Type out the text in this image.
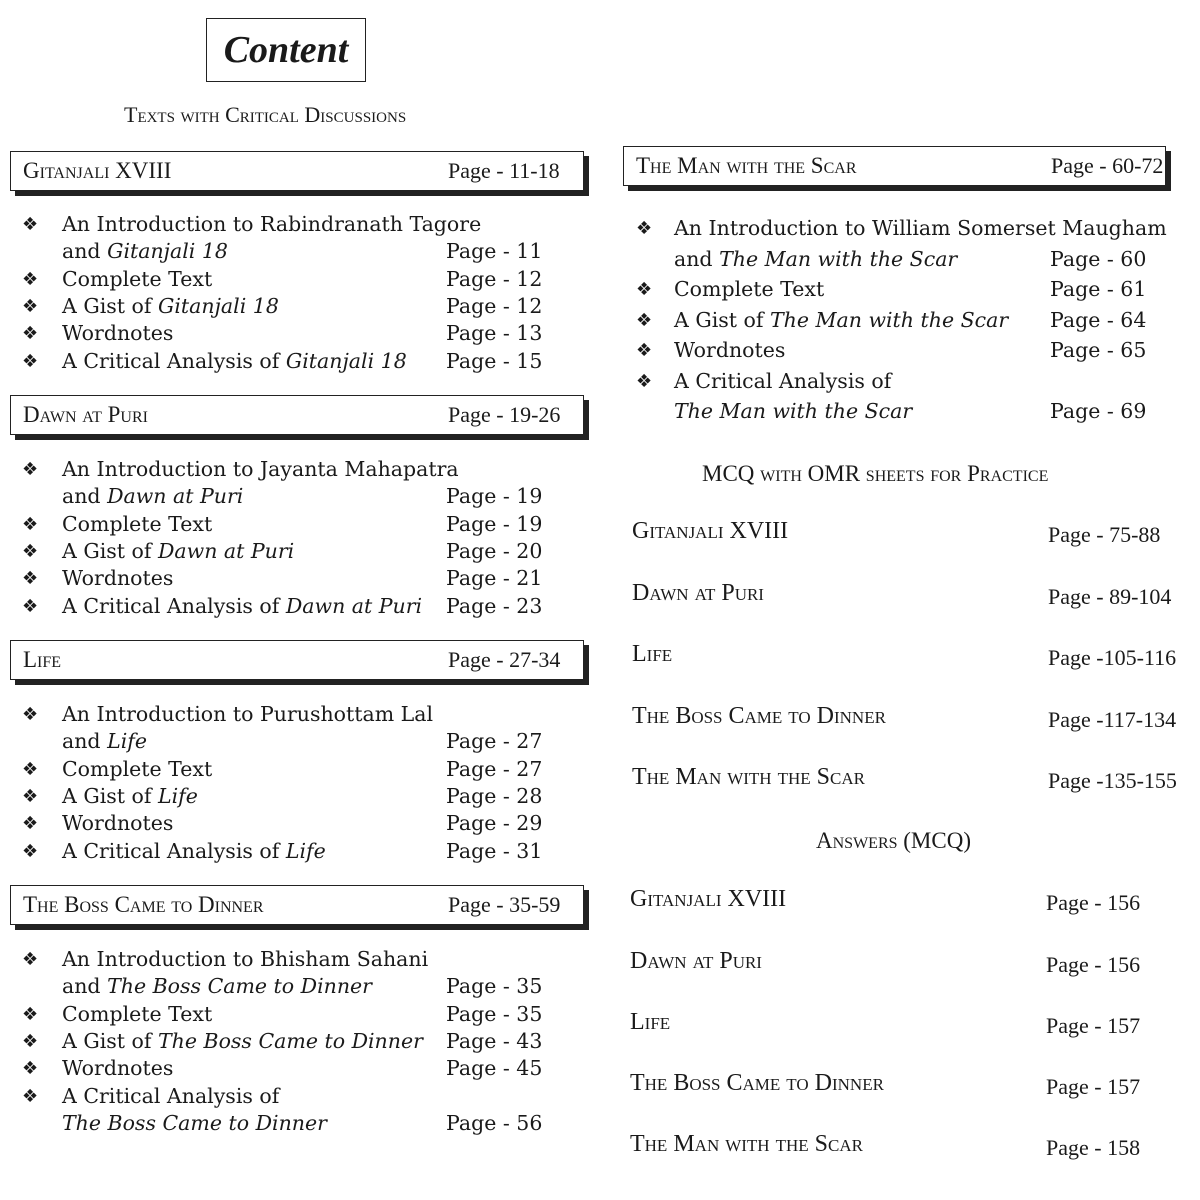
Content
Texts with Critical Discussions
Gitanjali XVIII	Page - 11-18
❖ An Introduction to Rabindranath Tagore
and Gitanjali 18	Page - 11
❖ Complete Text	Page - 12
❖ A Gist of Gitanjali 18	Page - 12
❖ Wordnotes	Page - 13
❖ A Critical Analysis of Gitanjali 18 Page - 15
Dawn at Puri	Page - 19-26
❖ An Introduction to Jayanta Mahapatra
and Dawn at Puri	Page - 19
❖ Complete Text	Page - 19
❖ A Gist of Dawn at Puri	Page - 20
❖ Wordnotes	Page - 21
❖ A Critical Analysis of Dawn at Puri Page - 23
Life	Page - 27-34
❖ An Introduction to Purushottam Lal
and Life	Page - 27
❖ Complete Text	Page - 27
❖ A Gist of Life	Page - 28
❖ Wordnotes	Page - 29
❖ A Critical Analysis of Life	Page - 31
The Boss Came to Dinner	Page - 35-59
❖ An Introduction to Bhisham Sahani
and The Boss Came to Dinner	Page - 35
❖ Complete Text	Page - 35
❖ A Gist of The Boss Came to Dinner Page - 43
❖ Wordnotes	Page - 45
❖ A Critical Analysis of
The Boss Came to Dinner	Page - 56
The Man with the Scar	Page - 60-72
❖ An Introduction to William Somerset Maugham
and The Man with the Scar	Page - 60
❖ Complete Text	Page - 61
❖ A Gist of The Man with the Scar Page - 64
❖ Wordnotes	Page - 65
❖ A Critical Analysis of
The Man with the Scar	Page - 69
Gitanjali XVIII	Page - 75-88
Dawn at Puri	Page - 89-104
Life	Page -105-116
The Boss Came to Dinner	Page -117-134
The Man with the Scar	Page -135-155
Gitanjali XVIII	Page - 156
Dawn at Puri	Page - 156
Life	Page - 157
The Boss Came to Dinner	Page - 157
The Man with the Scar	Page - 158
MCQ with OMR sheets for Practice
Answers (MCQ)
